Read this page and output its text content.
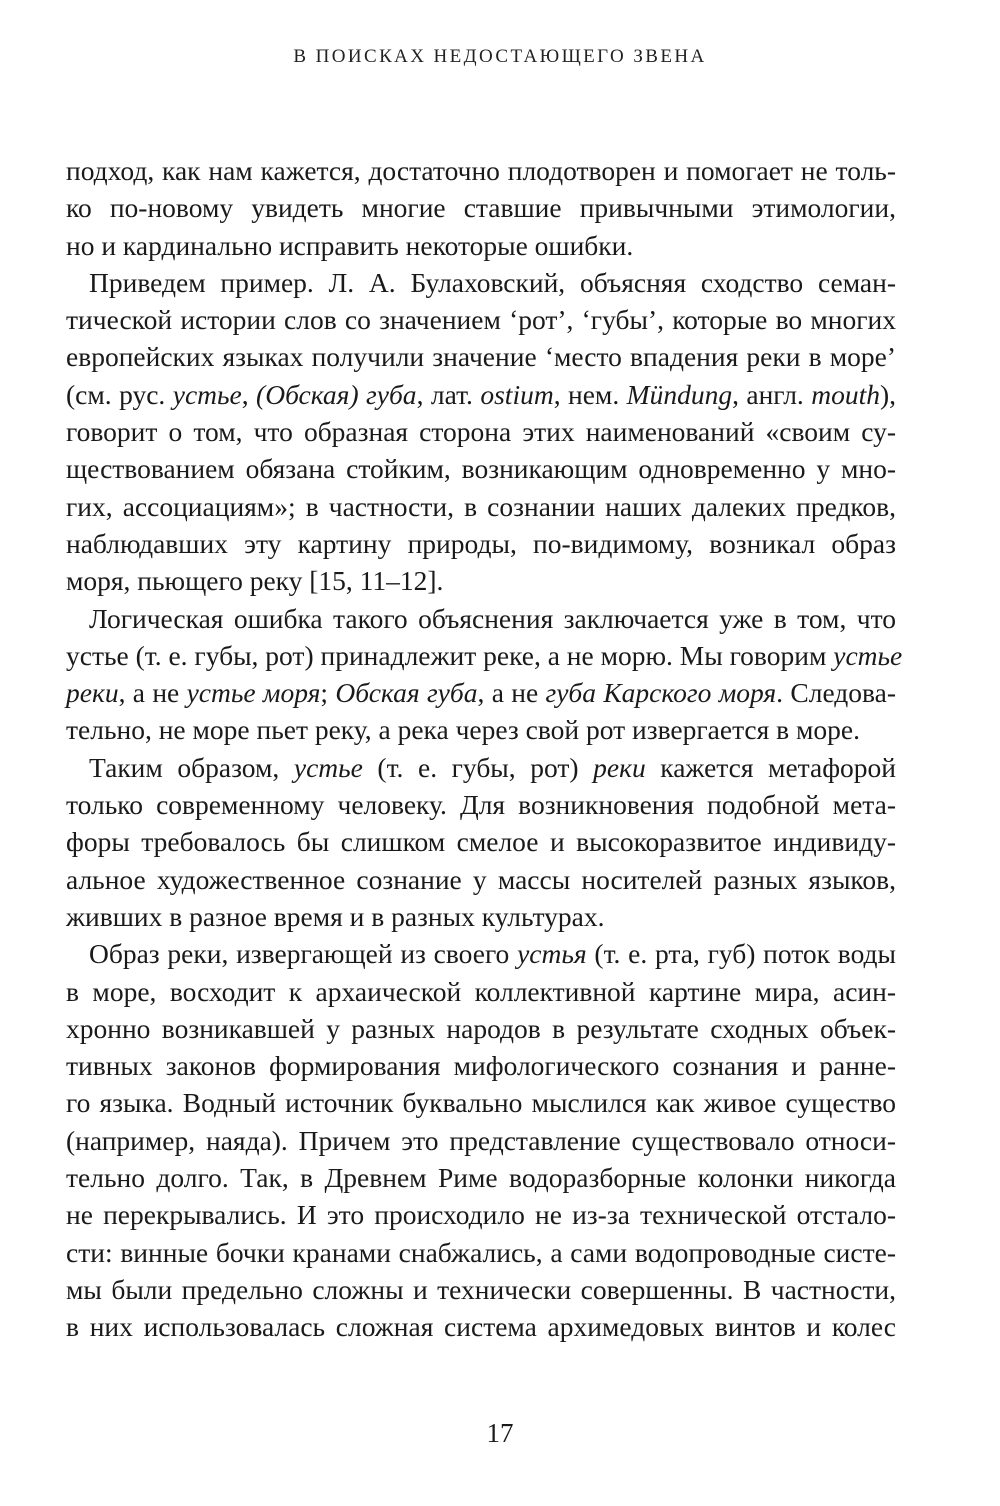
В ПОИСКАХ НЕДОСТАЮЩЕГО ЗВЕНА
подход, как нам кажется, достаточно плодотворен и помогает не толь-
ко по-новому увидеть многие ставшие привычными этимологии,
но и кардинально исправить некоторые ошибки.
Приведем пример. Л. А. Булаховский, объясняя сходство семан-
тической истории слов со значением ‘рот’, ‘губы’, которые во многих
европейских языках получили значение ‘место впадения реки в море’
(см. рус. устье, (Обская) губа, лат. ostium, нем. Mündung, англ. mouth),
говорит о том, что образная сторона этих наименований «своим су-
ществованием обязана стойким, возникающим одновременно у мно-
гих, ассоциациям»; в частности, в сознании наших далеких предков,
наблюдавших эту картину природы, по-видимому, возникал образ
моря, пьющего реку [15, 11–12].
Логическая ошибка такого объяснения заключается уже в том, что
устье (т. е. губы, рот) принадлежит реке, а не морю. Мы говорим устье
реки, а не устье моря; Обская губа, а не губа Карского моря. Следова-
тельно, не море пьет реку, а река через свой рот извергается в море.
Таким образом, устье (т. е. губы, рот) реки кажется метафорой
только современному человеку. Для возникновения подобной мета-
форы требовалось бы слишком смелое и высокоразвитое индивиду-
альное художественное сознание у массы носителей разных языков,
живших в разное время и в разных культурах.
Образ реки, извергающей из своего устья (т. е. рта, губ) поток воды
в море, восходит к архаической коллективной картине мира, асин-
хронно возникавшей у разных народов в результате сходных объек-
тивных законов формирования мифологического сознания и ранне-
го языка. Водный источник буквально мыслился как живое существо
(например, наяда). Причем это представление существовало относи-
тельно долго. Так, в Древнем Риме водоразборные колонки никогда
не перекрывались. И это происходило не из-за технической отстало-
сти: винные бочки кранами снабжались, а сами водопроводные систе-
мы были предельно сложны и технически совершенны. В частности,
в них использовалась сложная система архимедовых винтов и колес
17
